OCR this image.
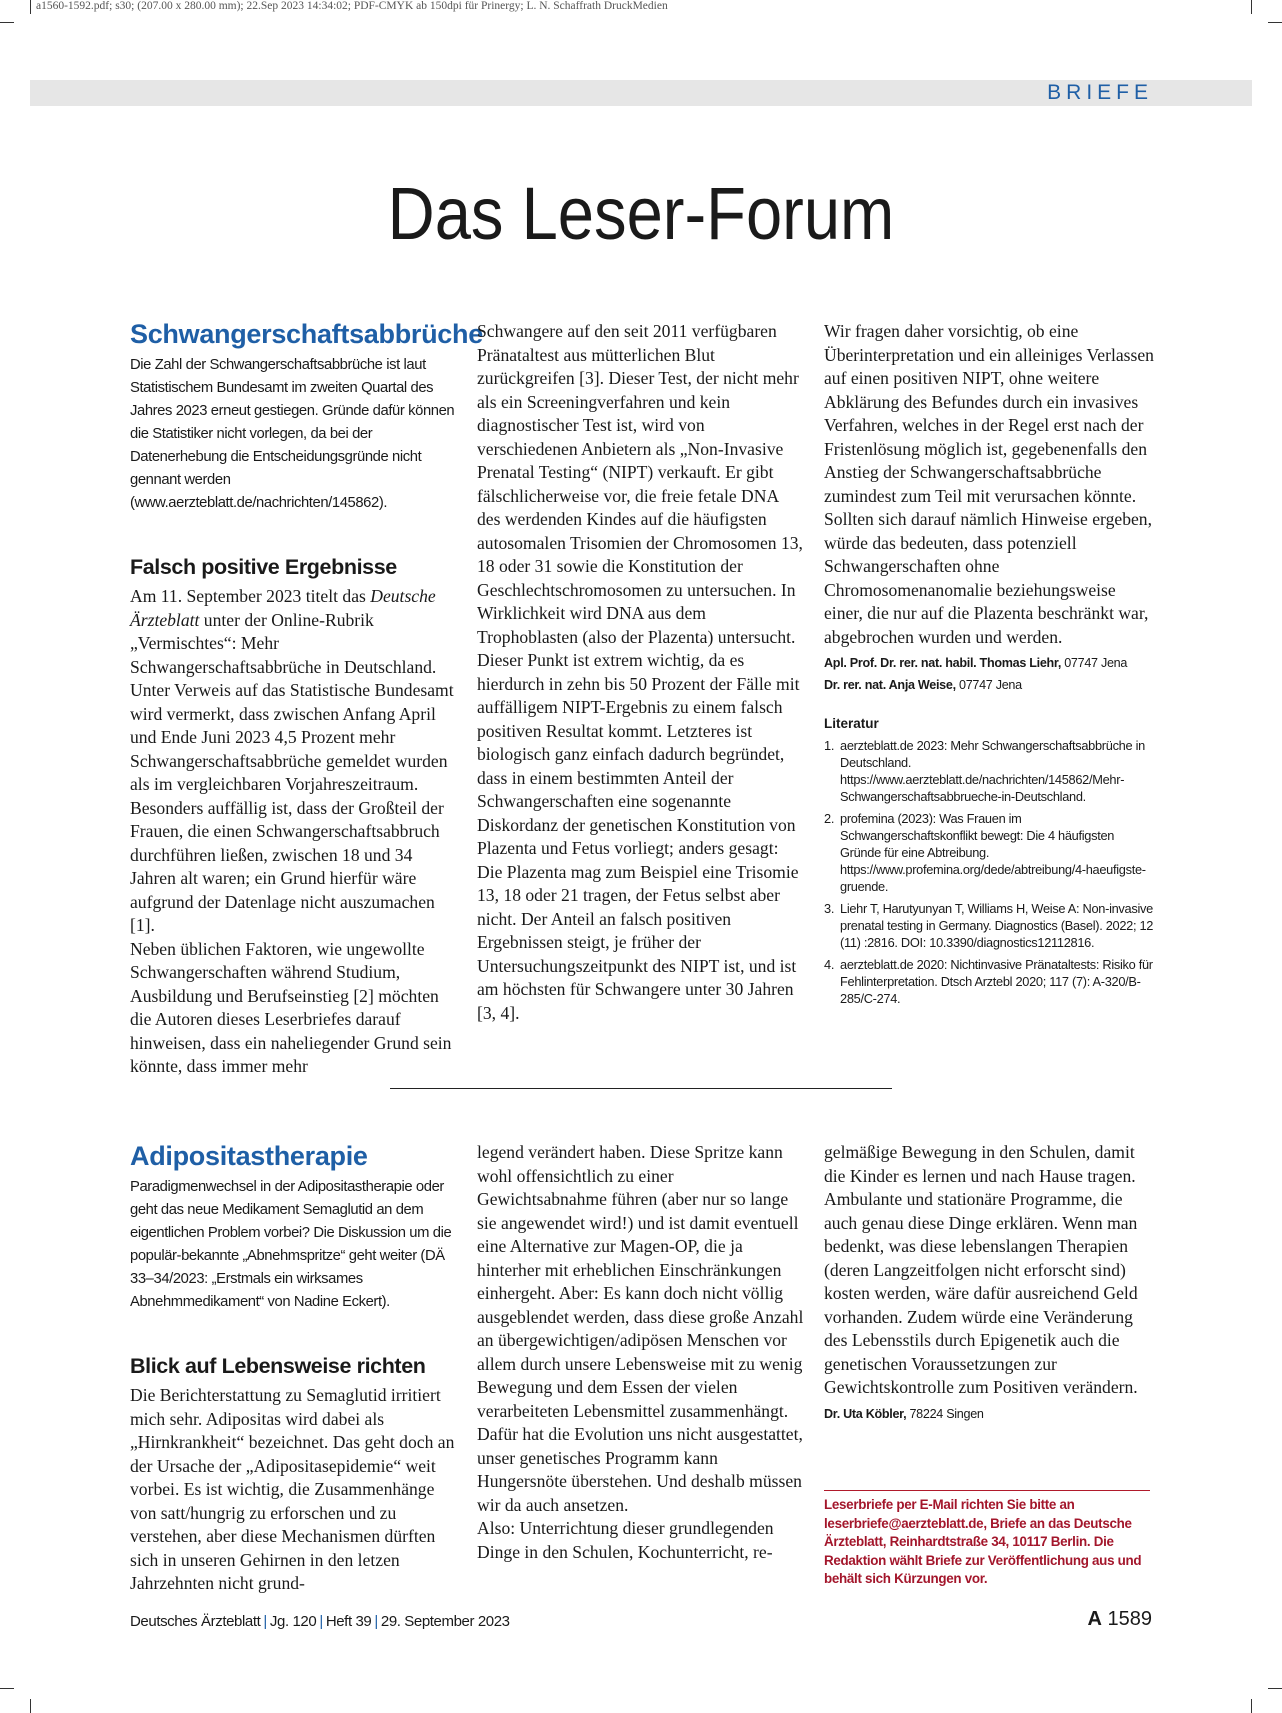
a1560-1592.pdf; s30; (207.00 x 280.00 mm); 22.Sep 2023 14:34:02; PDF-CMYK ab 150dpi für Prinergy; L. N. Schaffrath DruckMedien
BRIEFE
Das Leser-Forum
Schwangerschaftsabbrüche

Die Zahl der Schwangerschaftsabbrüche ist laut Statistischem Bundesamt im zweiten Quartal des Jahres 2023 erneut gestiegen. Gründe dafür können die Statistiker nicht vorlegen, da bei der Datenerhebung die Entscheidungsgründe nicht gennant werden (www.aerzteblatt.de/nachrichten/145862).

Falsch positive Ergebnisse

Am 11. September 2023 titelt das Deutsche Ärzteblatt unter der Online-Rubrik „Vermischtes“: Mehr Schwangerschaftsabbrüche in Deutschland. Unter Verweis auf das Statistische Bundesamt wird vermerkt, dass zwischen Anfang April und Ende Juni 2023 4,5 Prozent mehr Schwangerschaftsabbrüche gemeldet wurden als im vergleichbaren Vorjahreszeitraum. Besonders auffällig ist, dass der Großteil der Frauen, die einen Schwangerschaftsabbruch durchführen ließen, zwischen 18 und 34 Jahren alt waren; ein Grund hierfür wäre aufgrund der Datenlage nicht auszumachen [1].

Neben üblichen Faktoren, wie ungewollte Schwangerschaften während Studium, Ausbildung und Berufseinstieg [2] möchten die Autoren dieses Leserbriefes darauf hinweisen, dass ein naheliegender Grund sein könnte, dass immer mehr

Schwangere auf den seit 2011 verfügbaren Pränataltest aus mütterlichen Blut zurückgreifen [3]. Dieser Test, der nicht mehr als ein Screeningverfahren und kein diagnostischer Test ist, wird von verschiedenen Anbietern als „Non-Invasive Prenatal Testing“ (NIPT) verkauft. Er gibt fälschlicherweise vor, die freie fetale DNA des werdenden Kindes auf die häufigsten autosomalen Trisomien der Chromosomen 13, 18 oder 31 sowie die Konstitution der Geschlechtschromosomen zu untersuchen. In Wirklichkeit wird DNA aus dem Trophoblasten (also der Plazenta) untersucht. Dieser Punkt ist extrem wichtig, da es hierdurch in zehn bis 50 Prozent der Fälle mit auffälligem NIPT-Ergebnis zu einem falsch positiven Resultat kommt. Letzteres ist biologisch ganz einfach dadurch begründet, dass in einem bestimmten Anteil der Schwangerschaften eine sogenannte Diskordanz der genetischen Konstitution von Plazenta und Fetus vorliegt; anders gesagt: Die Plazenta mag zum Beispiel eine Trisomie 13, 18 oder 21 tragen, der Fetus selbst aber nicht. Der Anteil an falsch positiven Ergebnissen steigt, je früher der Untersuchungszeitpunkt des NIPT ist, und ist am höchsten für Schwangere unter 30 Jahren [3, 4].
Wir fragen daher vorsichtig, ob eine Überinterpretation und ein alleiniges Verlassen auf einen positiven NIPT, ohne weitere Abklärung des Befundes durch ein invasives Verfahren, welches in der Regel erst nach der Fristenlösung möglich ist, gegebenenfalls den Anstieg der Schwangerschaftsabbrüche zumindest zum Teil mit verursachen könnte. Sollten sich darauf nämlich Hinweise ergeben, würde das bedeuten, dass potenziell Schwangerschaften ohne Chromosomenanomalie beziehungsweise einer, die nur auf die Plazenta beschränkt war, abgebrochen wurden und werden.

Apl. Prof. Dr. rer. nat. habil. Thomas Liehr, 07747 Jena

Dr. rer. nat. Anja Weise, 07747 Jena

Literatur
1. aerzteblatt.de 2023: Mehr Schwangerschaftsabbrüche in Deutschland. https://www.aerzteblatt.de/nachrichten/145862/Mehr-Schwangerschaftsabbrueche-in-Deutschland.
2. profemina (2023): Was Frauen im Schwangerschaftskonflikt bewegt: Die 4 häufigsten Gründe für eine Abtreibung. https://www.profemina.org/dede/abtreibung/4-haeufigste-gruende.
3. Liehr T, Harutyunyan T, Williams H, Weise A: Non-invasive prenatal testing in Germany. Diagnostics (Basel). 2022; 12 (11) :2816. DOI: 10.3390/diagnostics12112816.
4. aerzteblatt.de 2020: Nichtinvasive Pränataltests: Risiko für Fehlinterpretation. Dtsch Arztebl 2020; 117 (7): A-320/B-285/C-274.
Adipositastherapie

Paradigmenwechsel in der Adipositastherapie oder geht das neue Medikament Semaglutid an dem eigentlichen Problem vorbei? Die Diskussion um die populär-bekannte „Abnehmspritze“ geht weiter (DÄ 33–34/2023: „Erstmals ein wirksames Abnehmmedikament“ von Nadine Eckert).

Blick auf Lebensweise richten
Die Berichterstattung zu Semaglutid irritiert mich sehr. Adipositas wird dabei als „Hirnkrankheit“ bezeichnet. Das geht doch an der Ursache der „Adipositasepidemie“ weit vorbei. Es ist wichtig, die Zusammenhänge von satt/hungrig zu erforschen und zu verstehen, aber diese Mechanismen dürften sich in unseren Gehirnen in den letzen Jahrzehnten nicht grund-

legend verändert haben. Diese Spritze kann wohl offensichtlich zu einer Gewichtsabnahme führen (aber nur so lange sie angewendet wird!) und ist damit eventuell eine Alternative zur Magen-OP, die ja hinterher mit erheblichen Einschränkungen einhergeht. Aber: Es kann doch nicht völlig ausgeblendet werden, dass diese große Anzahl an übergewichtigen/adipösen Menschen vor allem durch unsere Lebensweise mit zu wenig Bewegung und dem Essen der vielen verarbeiteten Lebensmittel zusammenhängt. Dafür hat die Evolution uns nicht ausgestattet, unser genetisches Programm kann Hungersnöte überstehen. Und deshalb müssen wir da auch ansetzen.

Also: Unterrichtung dieser grundlegenden Dinge in den Schulen, Kochunterricht, re-

gelmäßige Bewegung in den Schulen, damit die Kinder es lernen und nach Hause tragen. Ambulante und stationäre Programme, die auch genau diese Dinge erklären. Wenn man bedenkt, was diese lebenslangen Therapien (deren Langzeitfolgen nicht erforscht sind) kosten werden, wäre dafür ausreichend Geld vorhanden. Zudem würde eine Veränderung des Lebensstils durch Epigenetik auch die genetischen Voraussetzungen zur Gewichtskontrolle zum Positiven verändern.

Dr. Uta Köbler, 78224 Singen

Leserbriefe per E-Mail richten Sie bitte an leserbriefe@aerzteblatt.de, Briefe an das Deutsche Ärzteblatt, Reinhardtstraße 34, 10117 Berlin. Die Redaktion wählt Briefe zur Veröffentlichung aus und behält sich Kürzungen vor.
Deutsches Ärzteblatt | Jg. 120 | Heft 39 | 29. September 2023	A 1589
